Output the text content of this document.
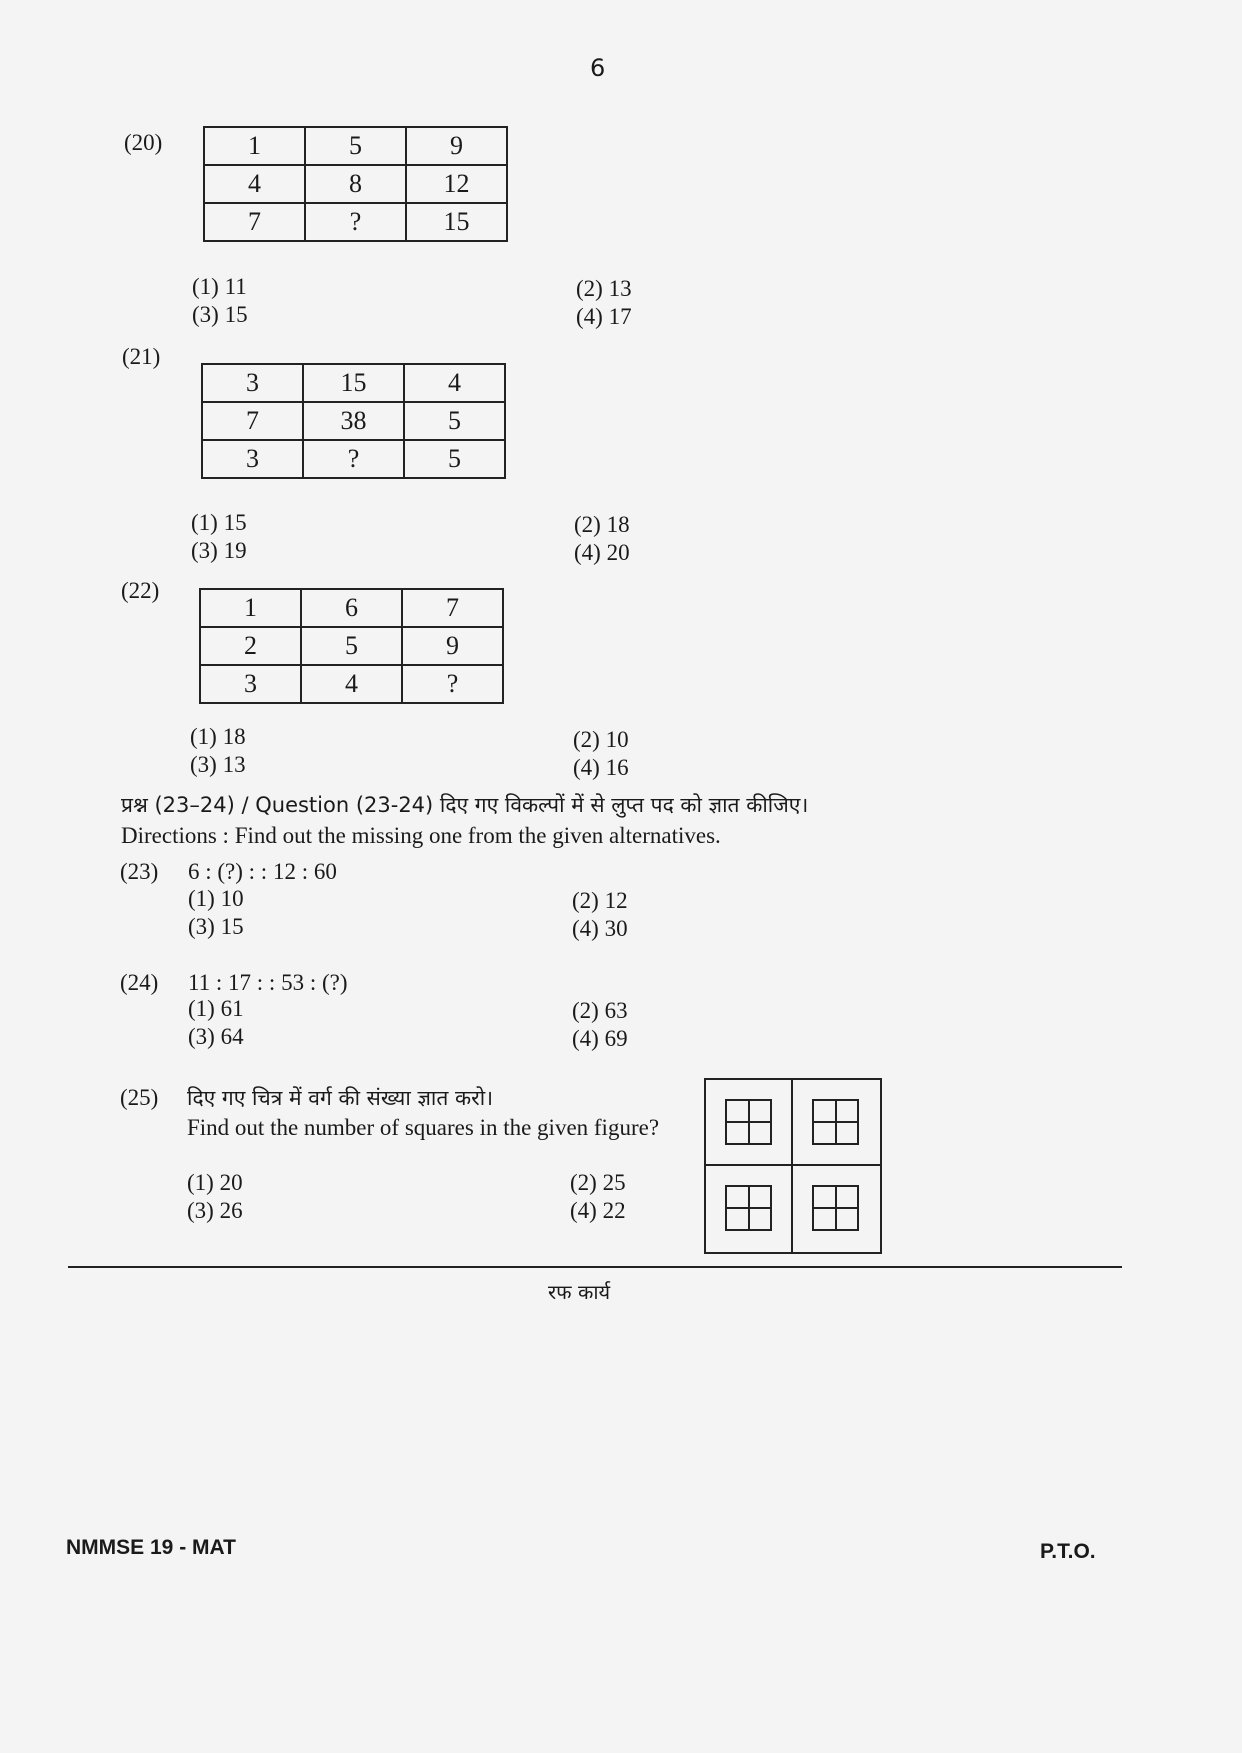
6
(20)	1	5	9
4	8	12
7	?	15
(1) 11	(2) 13
(3) 15	(4) 17
(21)
3	15	4
7	38	5
3	?	5
(1) 15	(2) 18
(3) 19	(4) 20
(22)
1	6	7
2	5	9
3	4	?
(1) 18	(2) 10
(3) 13	(4) 16
प्रश्न (23–24) / Question (23-24) दिए गए विकल्पों में से लुप्त पद को ज्ञात कीजिए।
Directions : Find out the missing one from the given alternatives.
(23) 6 : (?) : : 12 : 60
(1) 10	(2) 12
(3) 15	(4) 30
(24) 11 : 17 : : 53 : (?)
(1) 61	(2) 63
(3) 64	(4) 69
(25) दिए गए चित्र में वर्ग की संख्या ज्ञात करो।
Find out the number of squares in the given figure?
(1) 20	(2) 25
(3) 26	(4) 22
रफ कार्य
NMMSE 19 - MAT	P.T.O.
